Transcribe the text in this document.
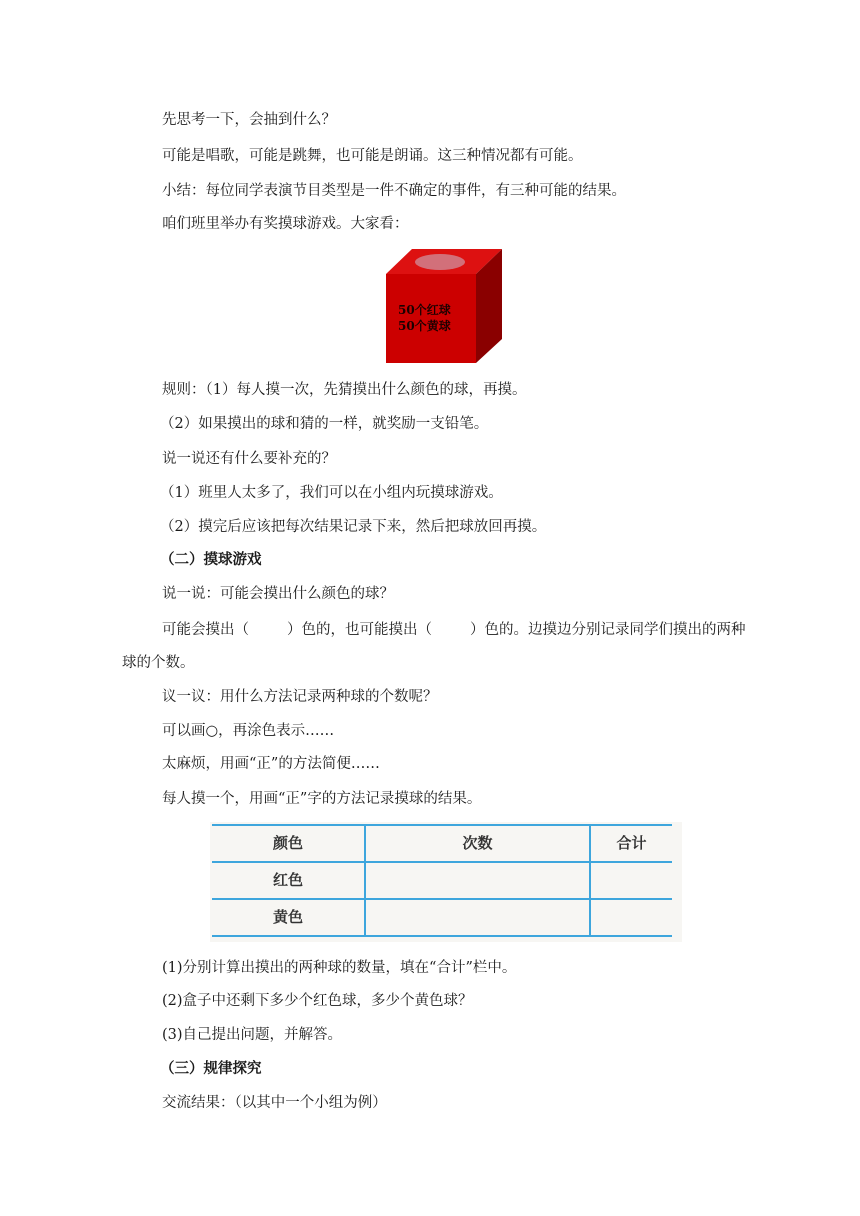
先思考一下，会抽到什么？
可能是唱歌，可能是跳舞，也可能是朗诵。这三种情况都有可能。
小结：每位同学表演节目类型是一件不确定的事件，有三种可能的结果。
咱们班里举办有奖摸球游戏。大家看：
50个红球
50个黄球
规则：（1）每人摸一次，先猜摸出什么颜色的球，再摸。
（2）如果摸出的球和猜的一样，就奖励一支铅笔。
说一说还有什么要补充的？
（1）班里人太多了，我们可以在小组内玩摸球游戏。
（2）摸完后应该把每次结果记录下来，然后把球放回再摸。
（二）摸球游戏
说一说：可能会摸出什么颜色的球？
可能会摸出（	）色的，也可能摸出（	）色的。边摸边分别记录同学们摸出的两种
球的个数。
议一议：用什么方法记录两种球的个数呢？
可以画○，再涂色表示……
太麻烦，用画“正”的方法简便……
每人摸一个，用画“正”字的方法记录摸球的结果。
颜色	次数	合计
红色
黄色
(1)分别计算出摸出的两种球的数量，填在“合计”栏中。
(2)盒子中还剩下多少个红色球，多少个黄色球？
(3)自己提出问题，并解答。
（三）规律探究
交流结果：（以其中一个小组为例）
